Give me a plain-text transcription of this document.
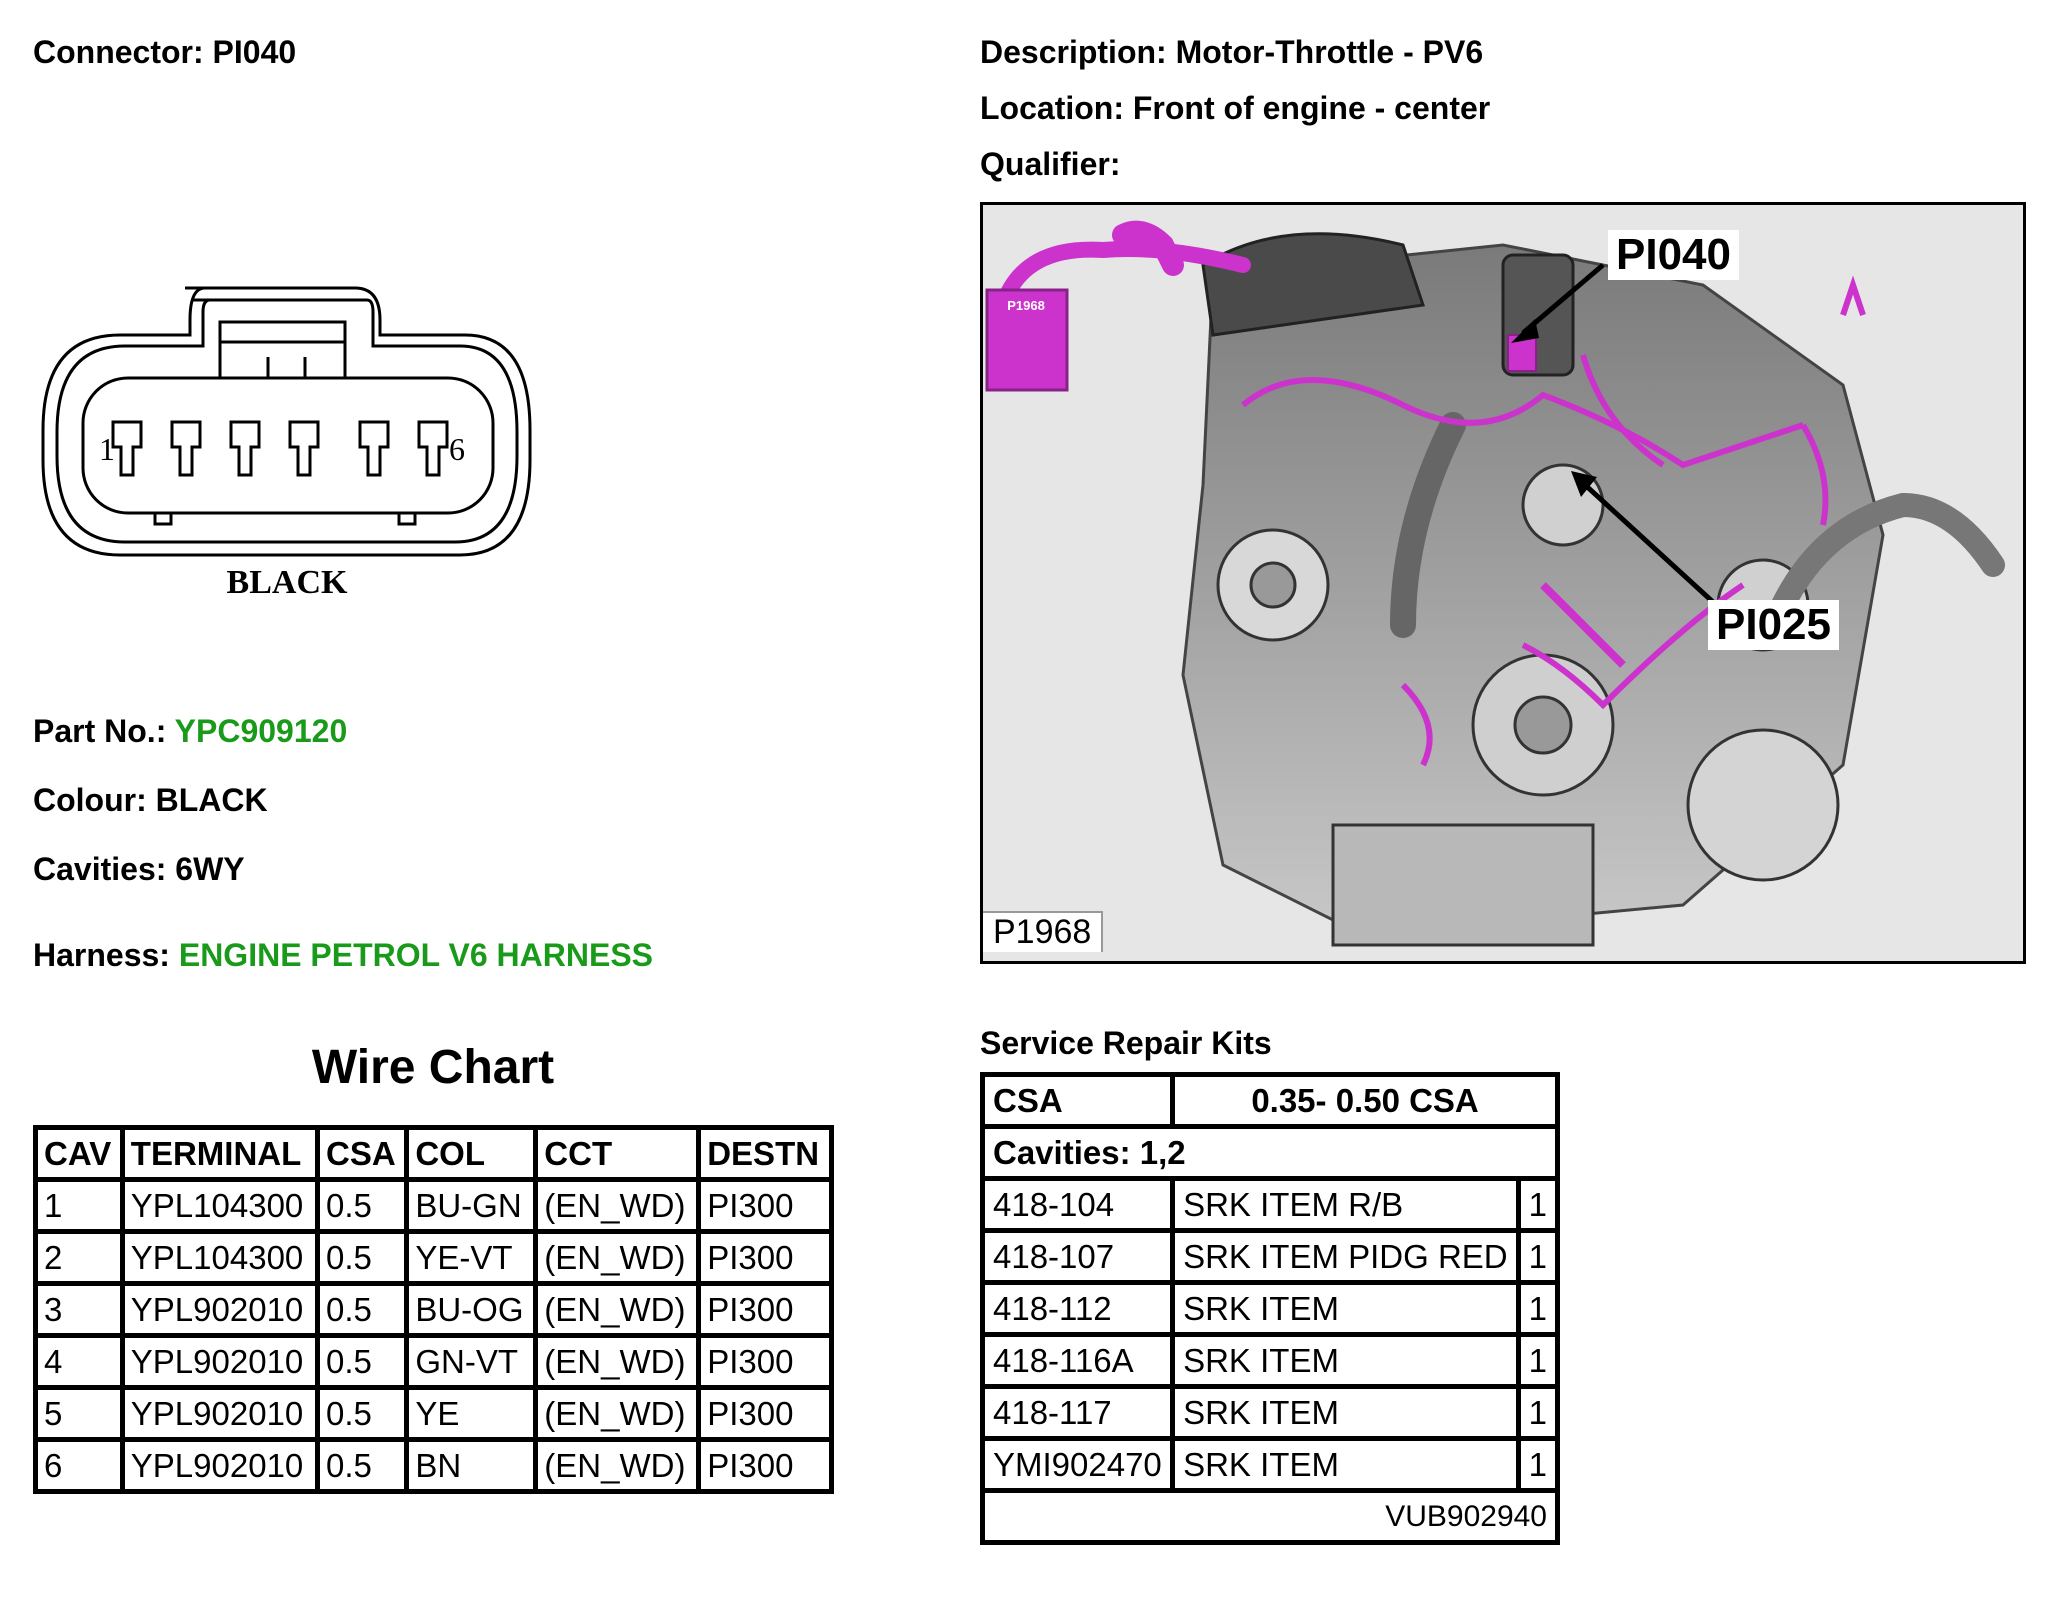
Connector: PI040	Description: Motor-Throttle - PV6
Location: Front of engine - center
Qualifier:
1	6
BLACK
Part No.: YPC909120
Colour: BLACK
Cavities: 6WY
Harness: ENGINE PETROL V6 HARNESS
PI040
PI025
P1968
P1968
Wire Chart
CAV	TERMINAL	CSA	COL	CCT	DESTN
1	YPL104300	0.5	BU-GN	(EN_WD)	PI300
2	YPL104300	0.5	YE-VT	(EN_WD)	PI300
3	YPL902010	0.5	BU-OG	(EN_WD)	PI300
4	YPL902010	0.5	GN-VT	(EN_WD)	PI300
5	YPL902010	0.5	YE	(EN_WD)	PI300
6	YPL902010	0.5	BN	(EN_WD)	PI300
Service Repair Kits
CSA	0.35- 0.50 CSA	
Cavities: 1,2		
418-104	SRK ITEM R/B	1
418-107	SRK ITEM PIDG RED	1
418-112	SRK ITEM	1
418-116A	SRK ITEM	1
418-117	SRK ITEM	1
YMI902470	SRK ITEM	1
VUB902940		
